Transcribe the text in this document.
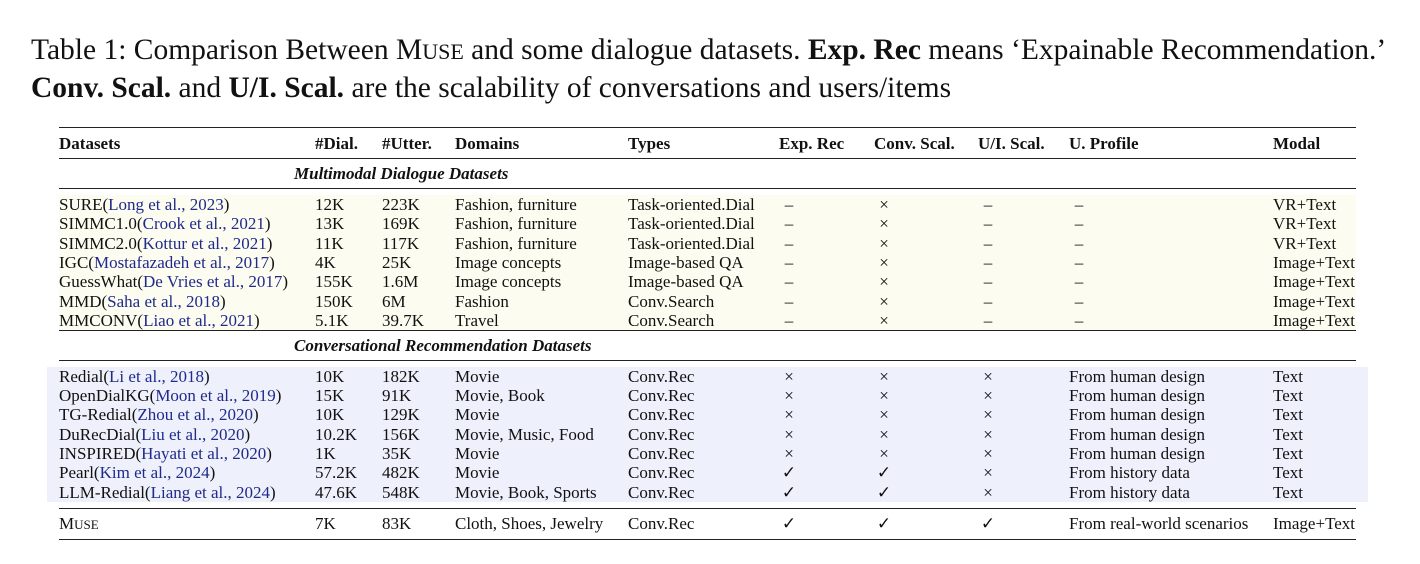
Table 1: Comparison Between MUSE and some dialogue datasets. Exp. Rec means ‘Expainable Recommendation.’
Conv. Scal. and U/I. Scal. are the scalability of conversations and users/items
Datasets	#Dial.	#Utter.	Domains	Types	Exp. Rec	Conv. Scal.	U/I. Scal.	U. Profile	Modal
Multimodal Dialogue Datasets									

SURE(Long et al., 2023)	12K	223K	Fashion, furniture	Task-oriented.Dial	–	×	–	–	VR+Text
SIMMC1.0(Crook et al., 2021)	13K	169K	Fashion, furniture	Task-oriented.Dial	–	×	–	–	VR+Text
SIMMC2.0(Kottur et al., 2021)	11K	117K	Fashion, furniture	Task-oriented.Dial	–	×	–	–	VR+Text
IGC(Mostafazadeh et al., 2017)	4K	25K	Image concepts	Image-based QA	–	×	–	–	Image+Text
GuessWhat(De Vries et al., 2017)	155K	1.6M	Image concepts	Image-based QA	–	×	–	–	Image+Text
MMD(Saha et al., 2018)	150K	6M	Fashion	Conv.Search	–	×	–	–	Image+Text
MMCONV(Liao et al., 2021)	5.1K	39.7K	Travel	Conv.Search	–	×	–	–	Image+Text

Conversational Recommendation Datasets									

Redial(Li et al., 2018)	10K	182K	Movie	Conv.Rec	×	×	×	From human design	Text
OpenDialKG(Moon et al., 2019)	15K	91K	Movie, Book	Conv.Rec	×	×	×	From human design	Text
TG-Redial(Zhou et al., 2020)	10K	129K	Movie	Conv.Rec	×	×	×	From human design	Text
DuRecDial(Liu et al., 2020)	10.2K	156K	Movie, Music, Food	Conv.Rec	×	×	×	From human design	Text
INSPIRED(Hayati et al., 2020)	1K	35K	Movie	Conv.Rec	×	×	×	From human design	Text
Pearl(Kim et al., 2024)	57.2K	482K	Movie	Conv.Rec	✓	✓	×	From history data	Text
LLM-Redial(Liang et al., 2024)	47.6K	548K	Movie, Book, Sports	Conv.Rec	✓	✓	×	From history data	Text

MUSE	7K	83K	Cloth, Shoes, Jewelry	Conv.Rec	✓	✓	✓	From real-world scenarios	Image+Text
